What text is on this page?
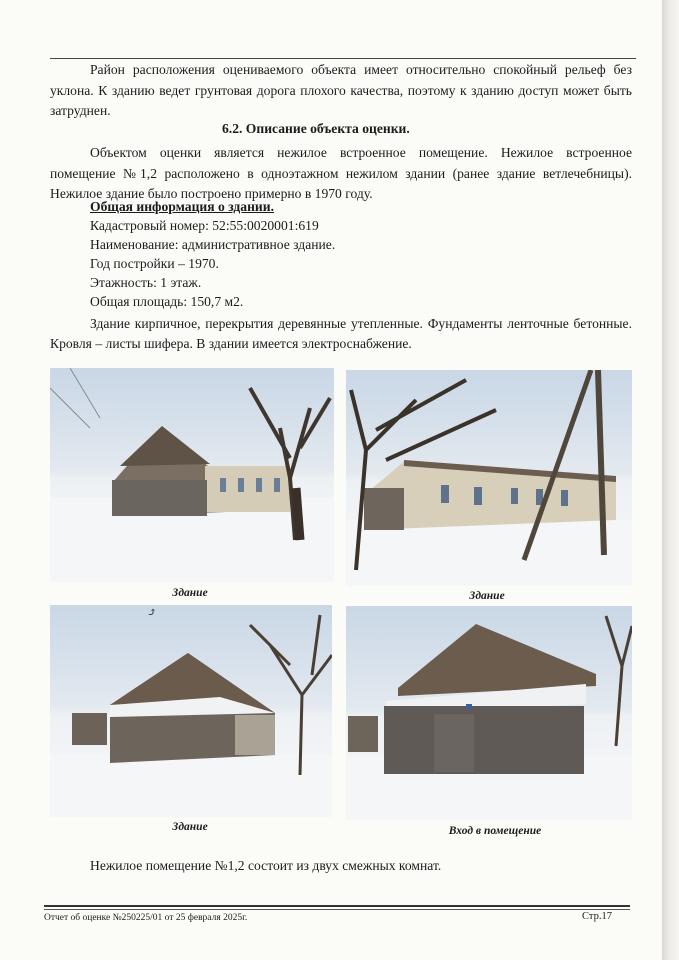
Район расположения оцениваемого объекта имеет относительно спокойный рельеф без уклона. К зданию ведет грунтовая дорога плохого качества, поэтому к зданию доступ может быть затруднен.

6.2. Описание объекта оценки.

Объектом оценки является нежилое встроенное помещение. Нежилое встроенное помещение №1,2 расположено в одноэтажном нежилом здании (ранее здание ветлечебницы). Нежилое здание было построено примерно в 1970 году.

Общая информация о здании.

Кадастровый номер: 52:55:0020001:619

Наименование: административное здание.

Год постройки – 1970.

Этажность: 1 этаж.

Общая площадь: 150,7 м2.

Здание кирпичное, перекрытия деревянные утепленные. Фундаменты ленточные бетонные. Кровля – листы шифера. В здании имеется электроснабжение.

Здание	Здание

Здание	Вход в помещение

⤴

Нежилое помещение №1,2 состоит из двух смежных комнат.

Отчет об оценке №250225/01 от 25 февраля 2025г.	Стр.17
